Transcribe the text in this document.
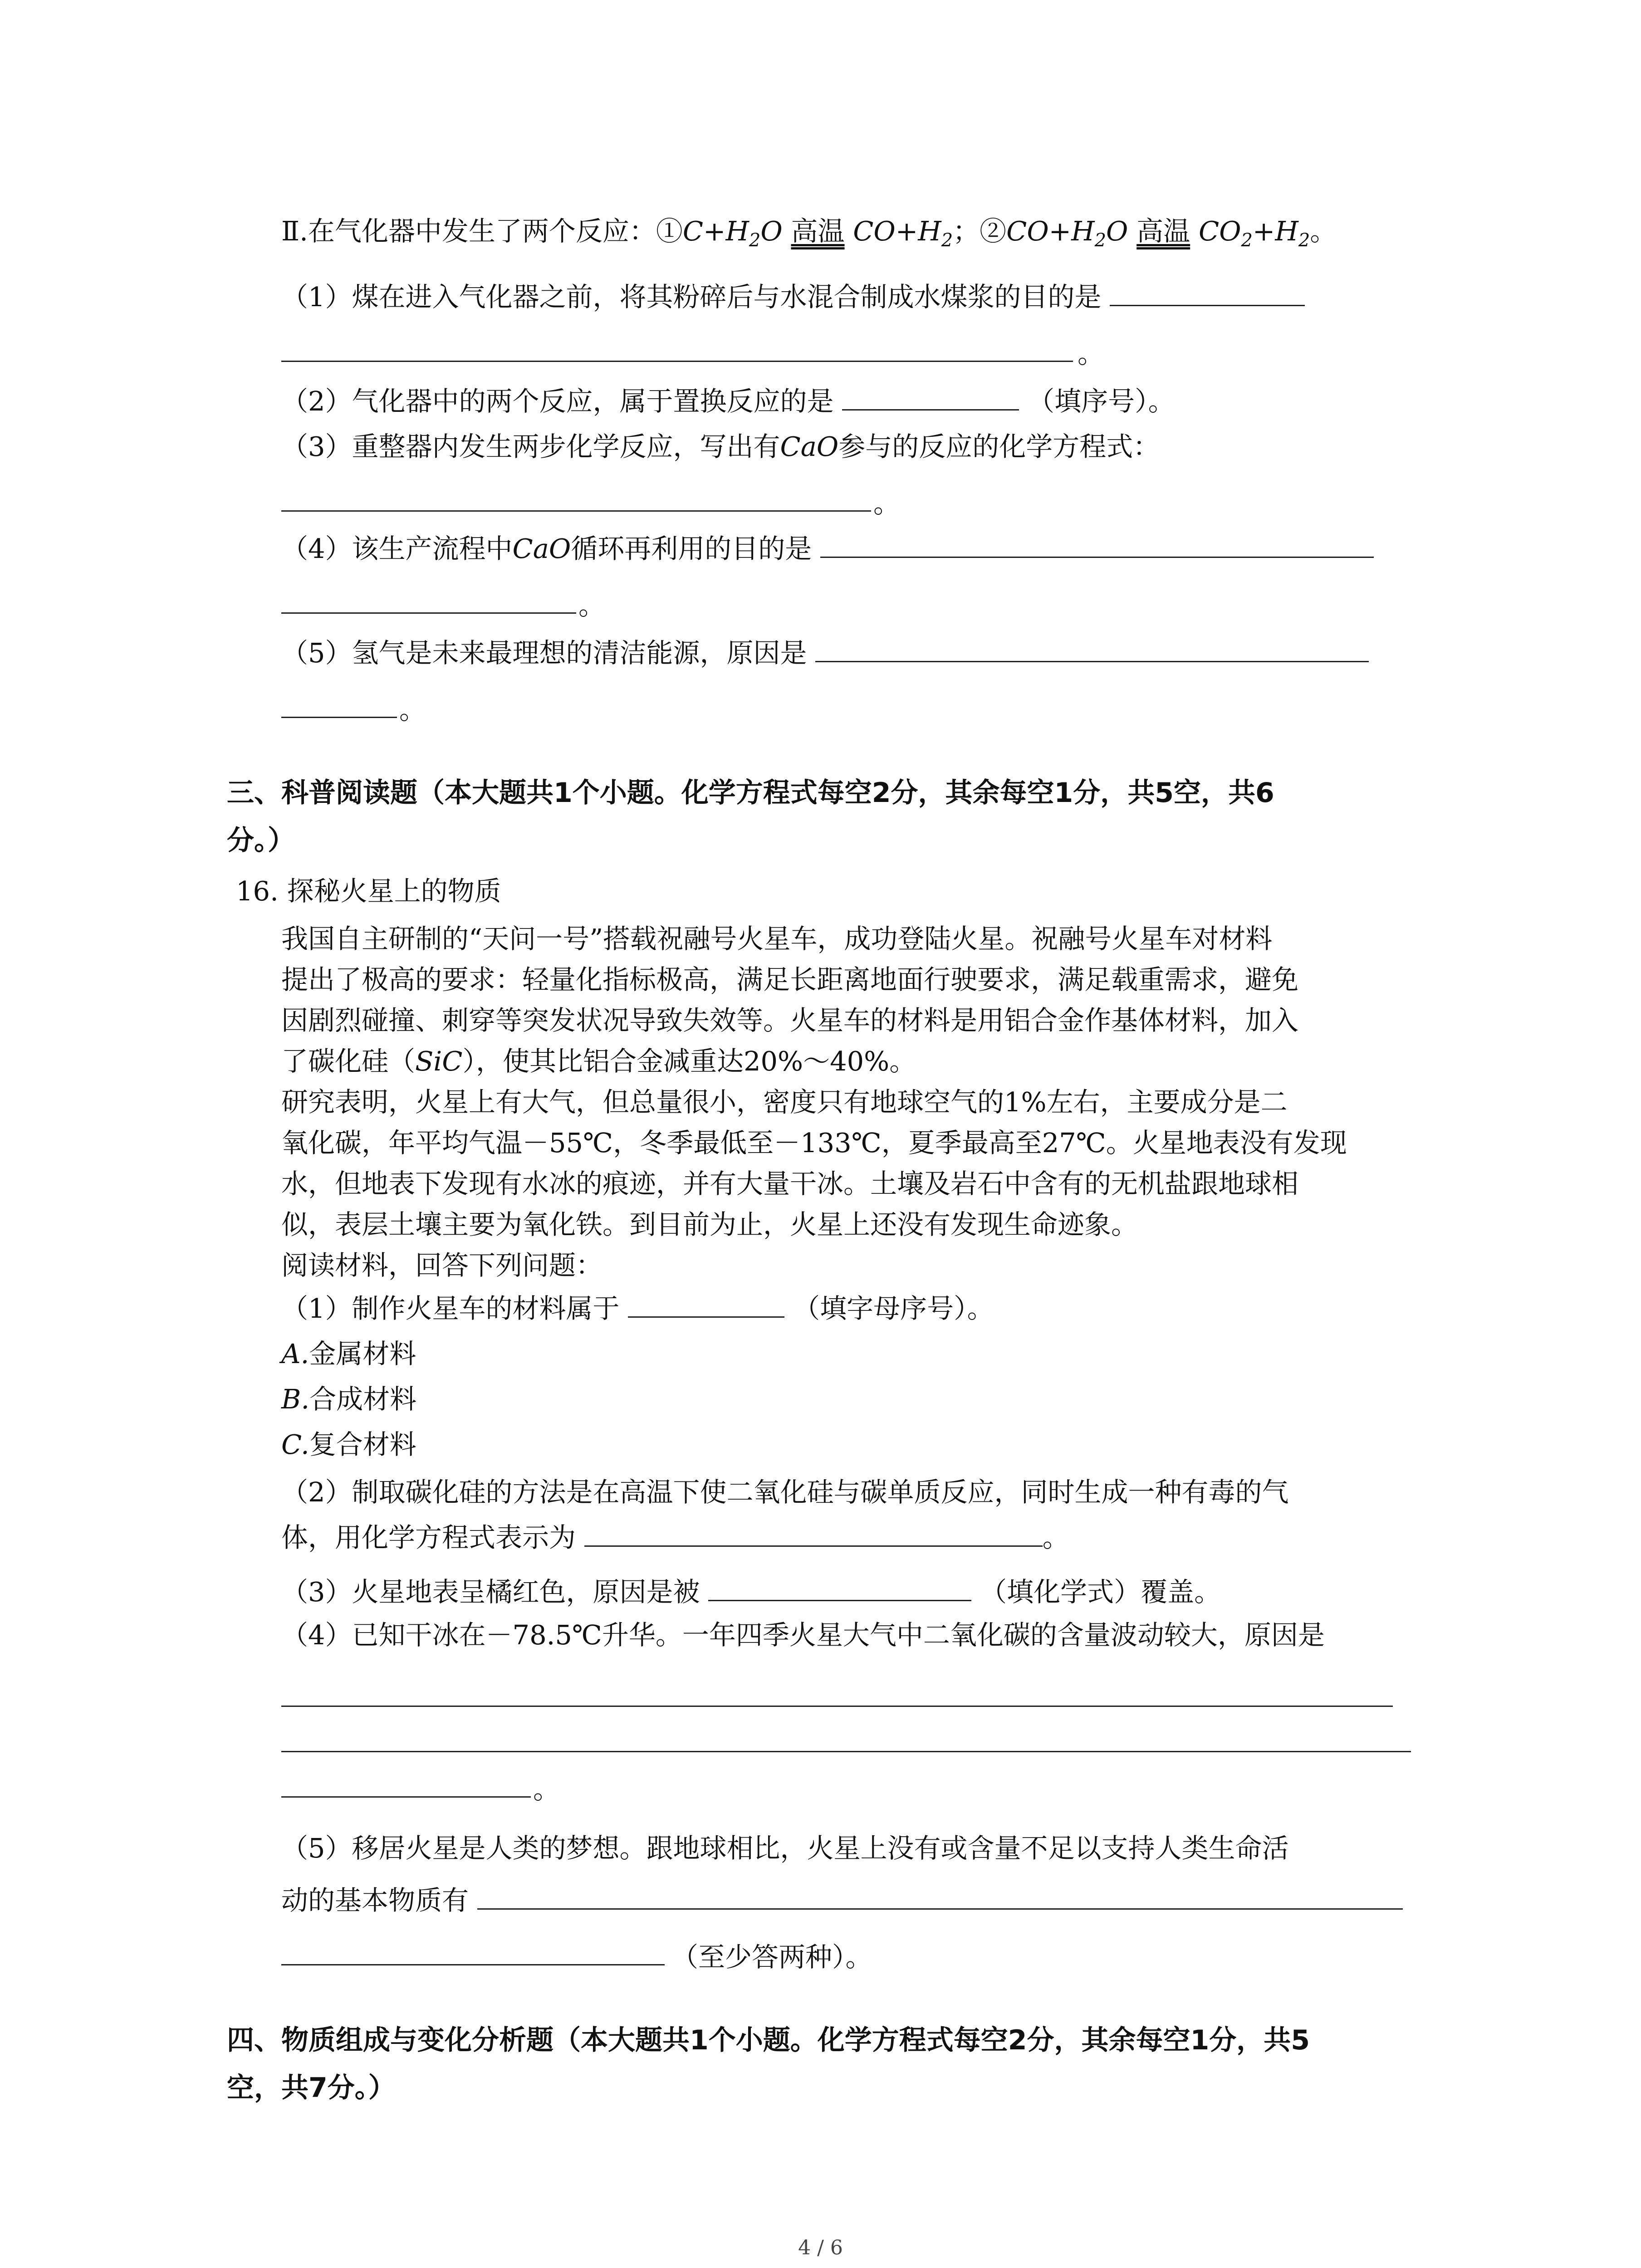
Ⅱ.在气化器中发生了两个反应：$①C+H_2O$ 高温 $CO+H_2$；$②CO+H_2O$ 高温 $CO_2+H_2$。
（1）煤在进入气化器之前，将其粉碎后与水混合制成水煤浆的目的是
。
（2）气化器中的两个反应，属于置换反应的是	（填序号）。
（3）重整器内发生两步化学反应，写出有CaO参与的反应的化学方程式：
。
（4）该生产流程中CaO循环再利用的目的是
。
（5）氢气是未来最理想的清洁能源，原因是
。
三、科普阅读题（本大题共1个小题。化学方程式每空2分，其余每空1分，共5空，共6
分。）
16. 探秘火星上的物质
我国自主研制的“天问一号”搭载祝融号火星车，成功登陆火星。祝融号火星车对材料
提出了极高的要求：轻量化指标极高，满足长距离地面行驶要求，满足载重需求，避免
因剧烈碰撞、刺穿等突发状况导致失效等。火星车的材料是用铝合金作基体材料，加入
了碳化硅（SiC），使其比铝合金减重达20%～40%。
研究表明，火星上有大气，但总量很小，密度只有地球空气的1%左右，主要成分是二
氧化碳，年平均气温－55℃，冬季最低至－133℃，夏季最高至27℃。火星地表没有发现
水，但地表下发现有水冰的痕迹，并有大量干冰。土壤及岩石中含有的无机盐跟地球相
似，表层土壤主要为氧化铁。到目前为止，火星上还没有发现生命迹象。
阅读材料，回答下列问题：
（1）制作火星车的材料属于	（填字母序号）。
A.金属材料
B.合成材料
C.复合材料
（2）制取碳化硅的方法是在高温下使二氧化硅与碳单质反应，同时生成一种有毒的气
体，用化学方程式表示为	。
（3）火星地表呈橘红色，原因是被	（填化学式）覆盖。
（4）已知干冰在－78.5℃升华。一年四季火星大气中二氧化碳的含量波动较大，原因是
。
（5）移居火星是人类的梦想。跟地球相比，火星上没有或含量不足以支持人类生命活
动的基本物质有
（至少答两种）。
四、物质组成与变化分析题（本大题共1个小题。化学方程式每空2分，其余每空1分，共5
空，共7分。）
4 / 6
